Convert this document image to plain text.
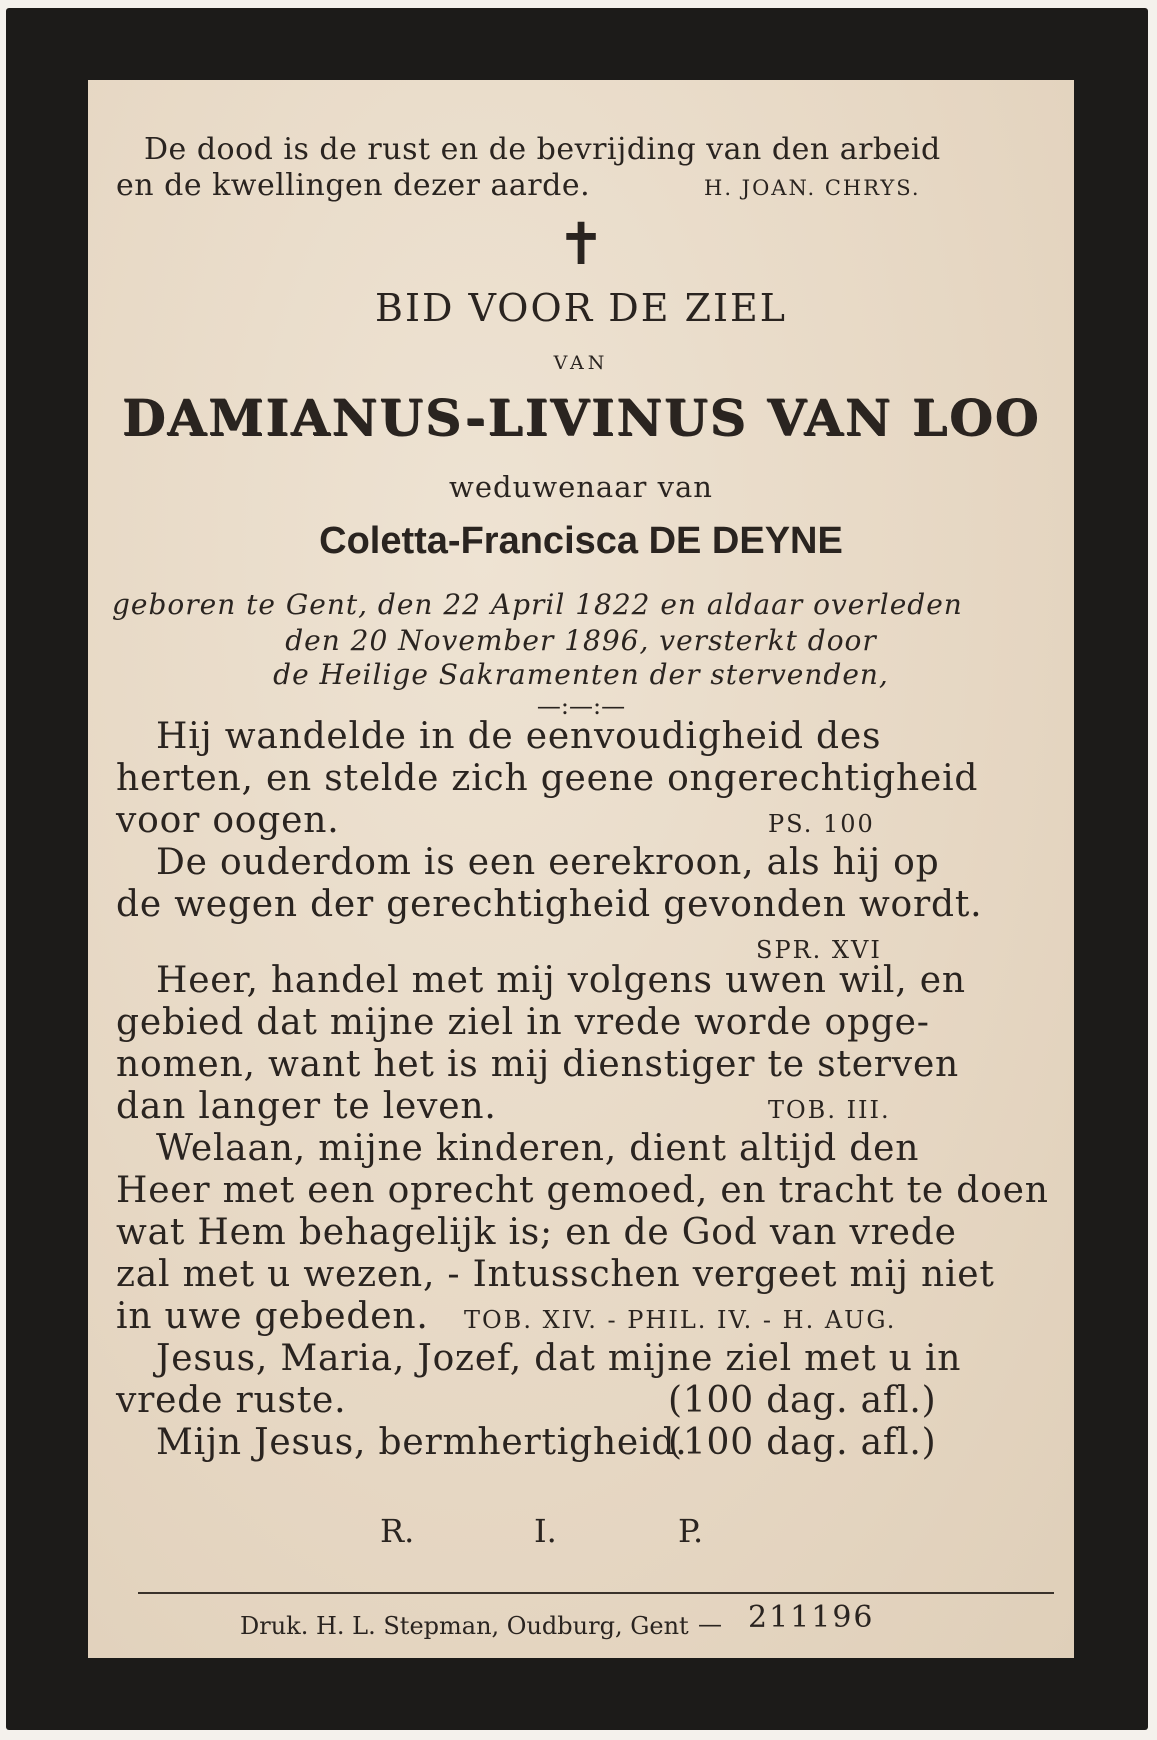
De dood is de rust en de bevrijding van den arbeid
en de kwellingen dezer aarde.	H. JOAN. CHRYS.
✝
BID VOOR DE ZIEL
VAN
DAMIANUS-LIVINUS VAN LOO
weduwenaar van
Coletta-Francisca DE DEYNE
geboren te Gent, den 22 April 1822 en aldaar overleden
den 20 November 1896, versterkt door
de Heilige Sakramenten der stervenden,
—:—:—
Hij wandelde in de eenvoudigheid des
herten, en stelde zich geene ongerechtigheid
voor oogen.	PS. 100
De ouderdom is een eerekroon, als hij op
de wegen der gerechtigheid gevonden wordt.
SPR. XVI
Heer, handel met mij volgens uwen wil, en
gebied dat mijne ziel in vrede worde opge-
nomen, want het is mij dienstiger te sterven
dan langer te leven.	TOB. III.
Welaan, mijne kinderen, dient altijd den
Heer met een oprecht gemoed, en tracht te doen
wat Hem behagelijk is; en de God van vrede
zal met u wezen, - Intusschen vergeet mij niet
in uwe gebeden. TOB. XIV. - PHIL. IV. - H. AUG.
Jesus, Maria, Jozef, dat mijne ziel met u in
vrede ruste.	(100 dag. afl.)
Mijn Jesus, bermhertigheid.
(100 dag. afl.)
R.	I.	P.
Druk. H. L. Stepman, Oudburg, Gent — 211196
